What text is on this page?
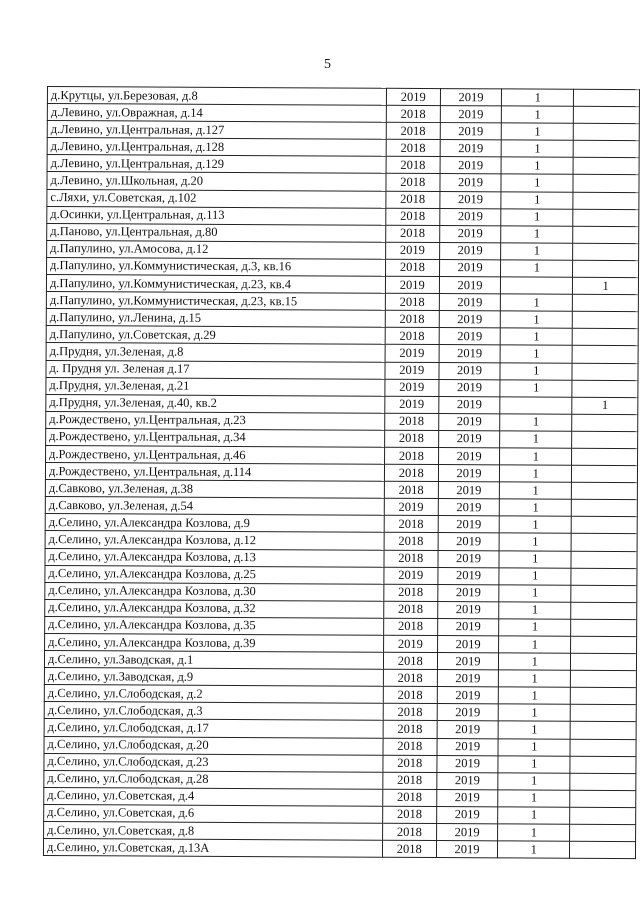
5
д.Крутцы, ул.Березовая, д.8	2019	2019	1	
д.Левино, ул.Овражная, д.14	2018	2019	1	
д.Левино, ул.Центральная, д.127	2018	2019	1	
д.Левино, ул.Центральная, д.128	2018	2019	1	
д.Левино, ул.Центральная, д.129	2018	2019	1	
д.Левино, ул.Школьная, д.20	2018	2019	1	
с.Ляхи, ул.Советская, д.102	2018	2019	1	
д.Осинки, ул.Центральная, д.113	2018	2019	1	
д.Паново, ул.Центральная, д.80	2018	2019	1	
д.Папулино, ул.Амосова, д.12	2019	2019	1	
д.Папулино, ул.Коммунистическая, д.3, кв.16	2018	2019	1	
д.Папулино, ул.Коммунистическая, д.23, кв.4	2019	2019		1
д.Папулино, ул.Коммунистическая, д.23, кв.15	2018	2019	1	
д.Папулино, ул.Ленина, д.15	2018	2019	1	
д.Папулино, ул.Советская, д.29	2018	2019	1	
д.Прудня, ул.Зеленая, д.8	2019	2019	1	
д. Прудня ул. Зеленая д.17	2019	2019	1	
д.Прудня, ул.Зеленая, д.21	2019	2019	1	
д.Прудня, ул.Зеленая, д.40, кв.2	2019	2019		1
д.Рождествено, ул.Центральная, д.23	2018	2019	1	
д.Рождествено, ул.Центральная, д.34	2018	2019	1	
д.Рождествено, ул.Центральная, д.46	2018	2019	1	
д.Рождествено, ул.Центральная, д.114	2018	2019	1	
д.Савково, ул.Зеленая, д.38	2018	2019	1	
д.Савково, ул.Зеленая, д.54	2019	2019	1	
д.Селино, ул.Александра Козлова, д.9	2018	2019	1	
д.Селино, ул.Александра Козлова, д.12	2018	2019	1	
д.Селино, ул.Александра Козлова, д.13	2018	2019	1	
д.Селино, ул.Александра Козлова, д.25	2019	2019	1	
д.Селино, ул.Александра Козлова, д.30	2018	2019	1	
д.Селино, ул.Александра Козлова, д.32	2018	2019	1	
д.Селино, ул.Александра Козлова, д.35	2018	2019	1	
д.Селино, ул.Александра Козлова, д.39	2019	2019	1	
д.Селино, ул.Заводская, д.1	2018	2019	1	
д.Селино, ул.Заводская, д.9	2018	2019	1	
д.Селино, ул.Слободская, д.2	2018	2019	1	
д.Селино, ул.Слободская, д.3	2018	2019	1	
д.Селино, ул.Слободская, д.17	2018	2019	1	
д.Селино, ул.Слободская, д.20	2018	2019	1	
д.Селино, ул.Слободская, д.23	2018	2019	1	
д.Селино, ул.Слободская, д.28	2018	2019	1	
д.Селино, ул.Советская, д.4	2018	2019	1	
д.Селино, ул.Советская, д.6	2018	2019	1	
д.Селино, ул.Советская, д.8	2018	2019	1	
д.Селино, ул.Советская, д.13А	2018	2019	1	
